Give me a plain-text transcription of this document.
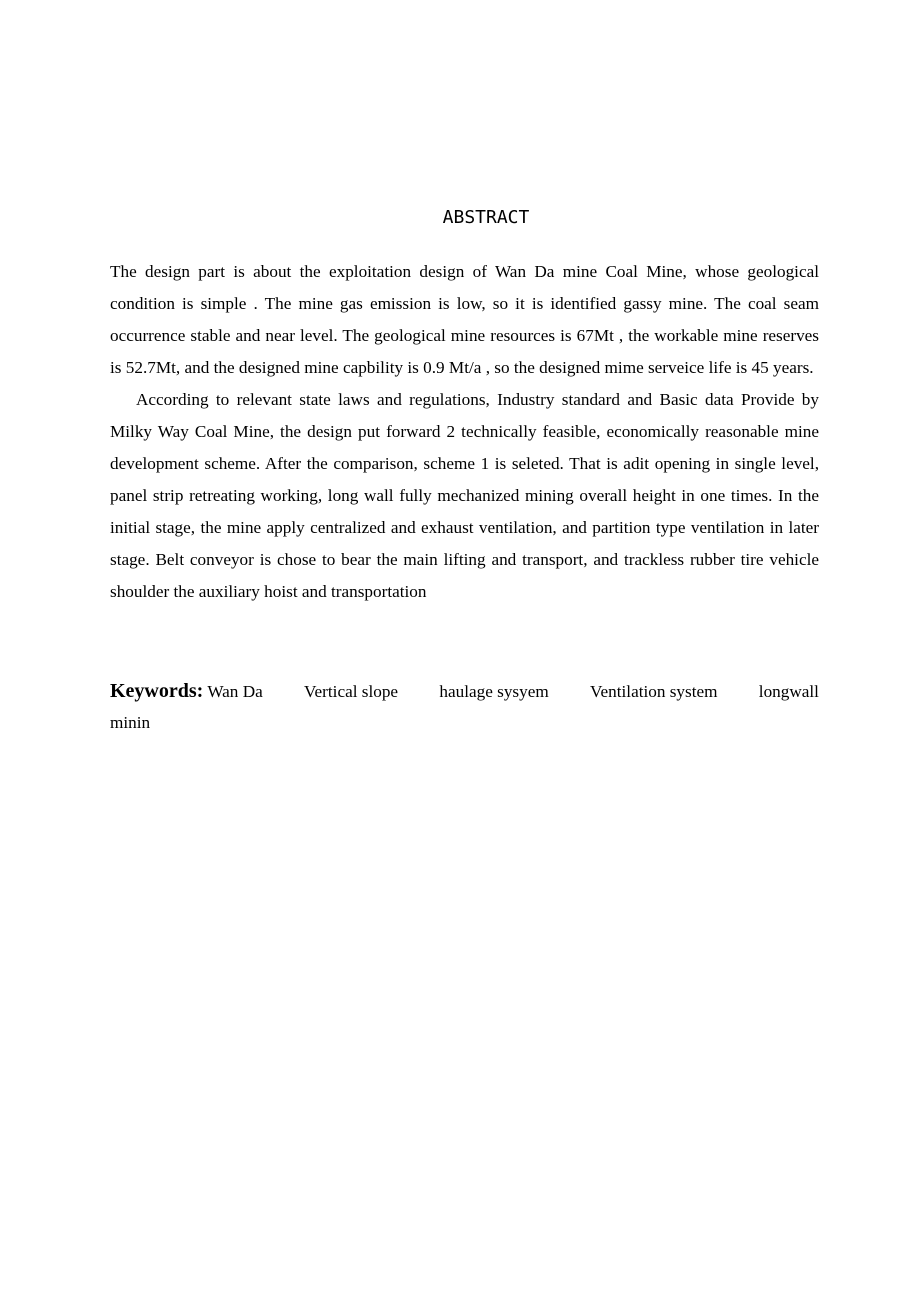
ABSTRACT

The design part is about the exploitation design of Wan Da mine Coal Mine, whose geological condition is simple . The mine gas emission is low, so it is identified gassy mine. The coal seam occurrence stable and near level. The geological mine resources is 67Mt , the workable mine reserves is 52.7Mt, and the designed mine capbility is 0.9 Mt/a , so the designed mime serveice life is 45 years.

According to relevant state laws and regulations, Industry standard and Basic data Provide by Milky Way Coal Mine, the design put forward 2 technically feasible, economically reasonable mine development scheme. After the comparison, scheme 1 is seleted. That is adit opening in single level, panel strip retreating working, long wall fully mechanized mining overall height in one times. In the initial stage, the mine apply centralized and exhaust ventilation, and partition type ventilation in later stage. Belt conveyor is chose to bear the main lifting and transport, and trackless rubber tire vehicle shoulder the auxiliary hoist and transportation

Keywords: Wan Da Vertical slope haulage sysyem Ventilation system longwall
minin
